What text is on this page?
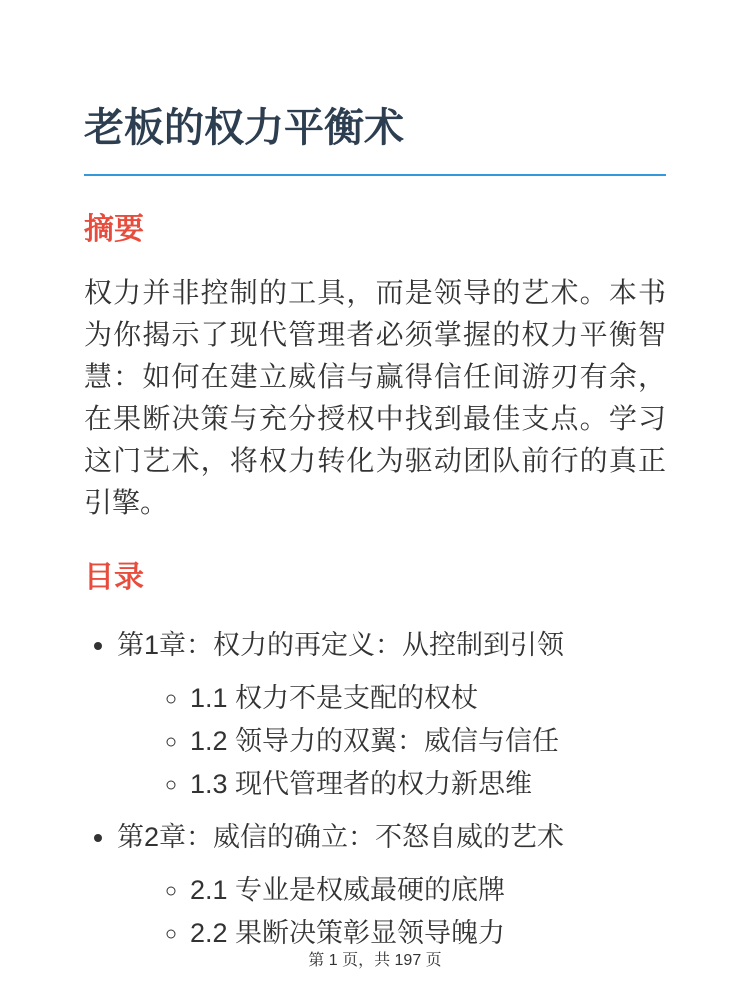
老板的权力平衡术
摘要

权力并非控制的工具，而是领导的艺术。本书为你揭示了现代管理者必须掌握的权力平衡智慧：如何在建立威信与赢得信任间游刃有余，在果断决策与充分授权中找到最佳支点。学习这门艺术，将权力转化为驱动团队前行的真正引擎。

目录
• 第1章：权力的再定义：从控制到引领
◦ 1.1 权力不是支配的权杖
◦ 1.2 领导力的双翼：威信与信任
◦ 1.3 现代管理者的权力新思维
• 第2章：威信的确立：不怒自威的艺术
◦ 2.1 专业是权威最硬的底牌
◦ 2.2 果断决策彰显领导魄力
第 1 页，共 197 页
